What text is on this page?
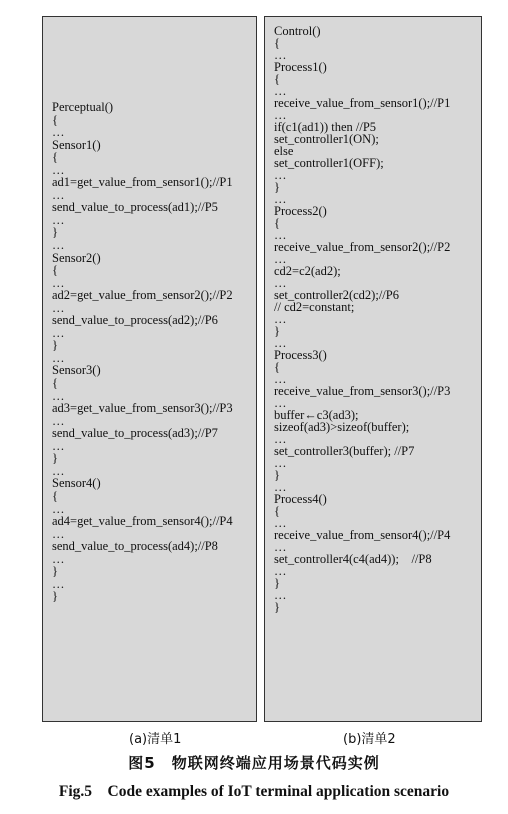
Perceptual()
{
…
Sensor1()
{
…
ad1=get_value_from_sensor1();//P1
…
send_value_to_process(ad1);//P5
…
}
…
Sensor2()
{
…
ad2=get_value_from_sensor2();//P2
…
send_value_to_process(ad2);//P6
…
}
…
Sensor3()
{
…
ad3=get_value_from_sensor3();//P3
…
send_value_to_process(ad3);//P7
…
}
…
Sensor4()
{
…
ad4=get_value_from_sensor4();//P4
…
send_value_to_process(ad4);//P8
…
}
…
}
Control()
{
…
Process1()
{
…
receive_value_from_sensor1();//P1
…
if(c1(ad1)) then //P5
set_controller1(ON);
else
set_controller1(OFF);
…
}
…
Process2()
{
…
receive_value_from_sensor2();//P2
…
cd2=c2(ad2);
…
set_controller2(cd2);//P6
// cd2=constant;
…
}
…
Process3()
{
…
receive_value_from_sensor3();//P3
…
buffer←c3(ad3);
sizeof(ad3)>sizeof(buffer);
…
set_controller3(buffer); //P7
…
}
…
Process4()
{
…
receive_value_from_sensor4();//P4
…
set_controller4(c4(ad4));    //P8
…
}
…
}
(a)清单1	(b)清单2
图5　物联网终端应用场景代码实例
Fig.5　Code examples of IoT terminal application scenario
